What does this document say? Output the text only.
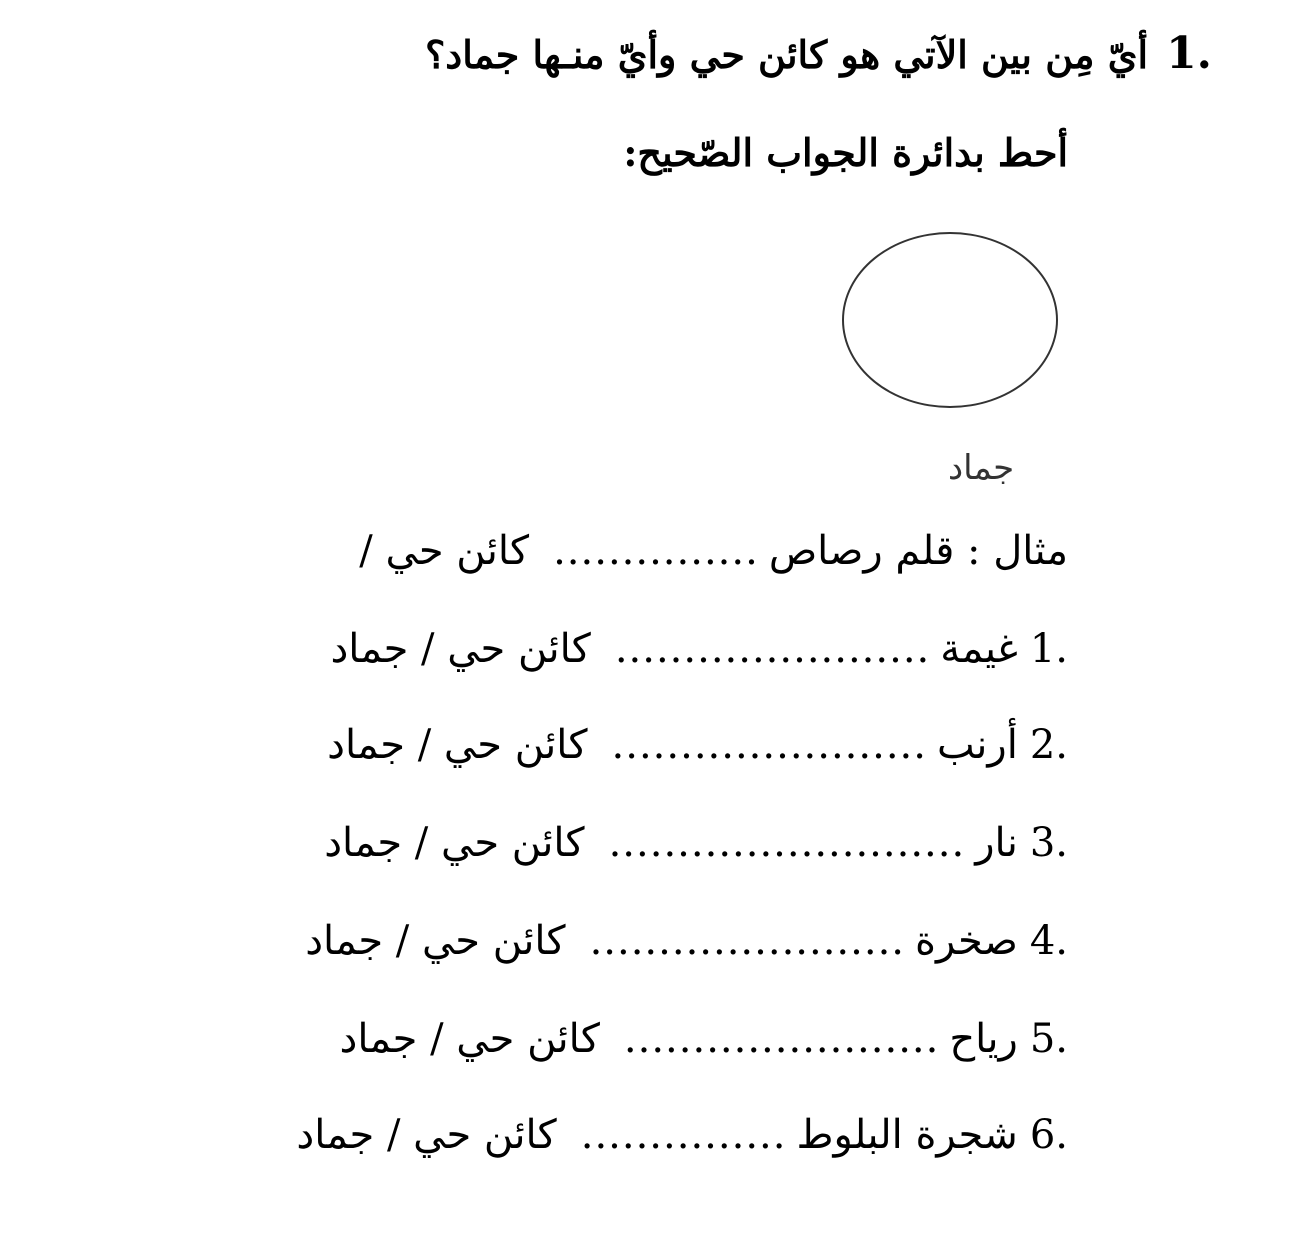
1.
أيّ مِن بين الآتي هو كائن حي وأيّ منـها جماد؟
أحط بدائرة الجواب الصّحيح:
جماد
مثال : قلم رصاص
...............
كائن حي /
1.
غيمة
.......................
كائن حي / جماد
2.
أرنب
.......................
كائن حي / جماد
3.
نار
..........................
كائن حي / جماد
4.
صخرة
.......................
كائن حي / جماد
5.
رياح
.......................
كائن حي / جماد
6.
شجرة البلوط
...............
كائن حي / جماد
